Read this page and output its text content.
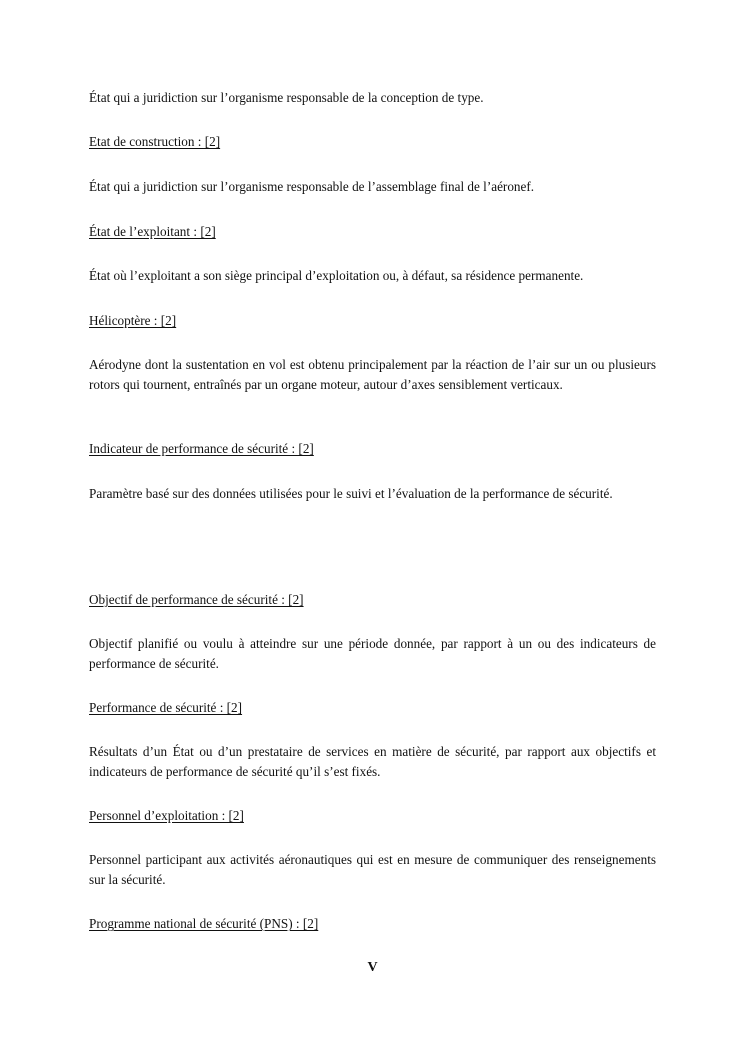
État qui a juridiction sur l’organisme responsable de la conception de type.

Etat de construction : [2]

État qui a juridiction sur l’organisme responsable de l’assemblage final de l’aéronef.

État de l’exploitant : [2]

État où l’exploitant a son siège principal d’exploitation ou, à défaut, sa résidence permanente.

Hélicoptère : [2]

Aérodyne dont la sustentation en vol est obtenu principalement par la réaction de l’air sur un ou plusieurs rotors qui tournent, entraînés par un organe moteur, autour d’axes sensiblement verticaux.

Indicateur de performance de sécurité : [2]

Paramètre basé sur des données utilisées pour le suivi et l’évaluation de la performance de sécurité.

Objectif de performance de sécurité : [2]

Objectif planifié ou voulu à atteindre sur une période donnée, par rapport à un ou des indicateurs de performance de sécurité.

Performance de sécurité : [2]

Résultats d’un État ou d’un prestataire de services en matière de sécurité, par rapport aux objectifs et indicateurs de performance de sécurité qu’il s’est fixés.

Personnel d’exploitation : [2]

Personnel participant aux activités aéronautiques qui est en mesure de communiquer des renseignements sur la sécurité.

Programme national de sécurité (PNS) : [2]

V
